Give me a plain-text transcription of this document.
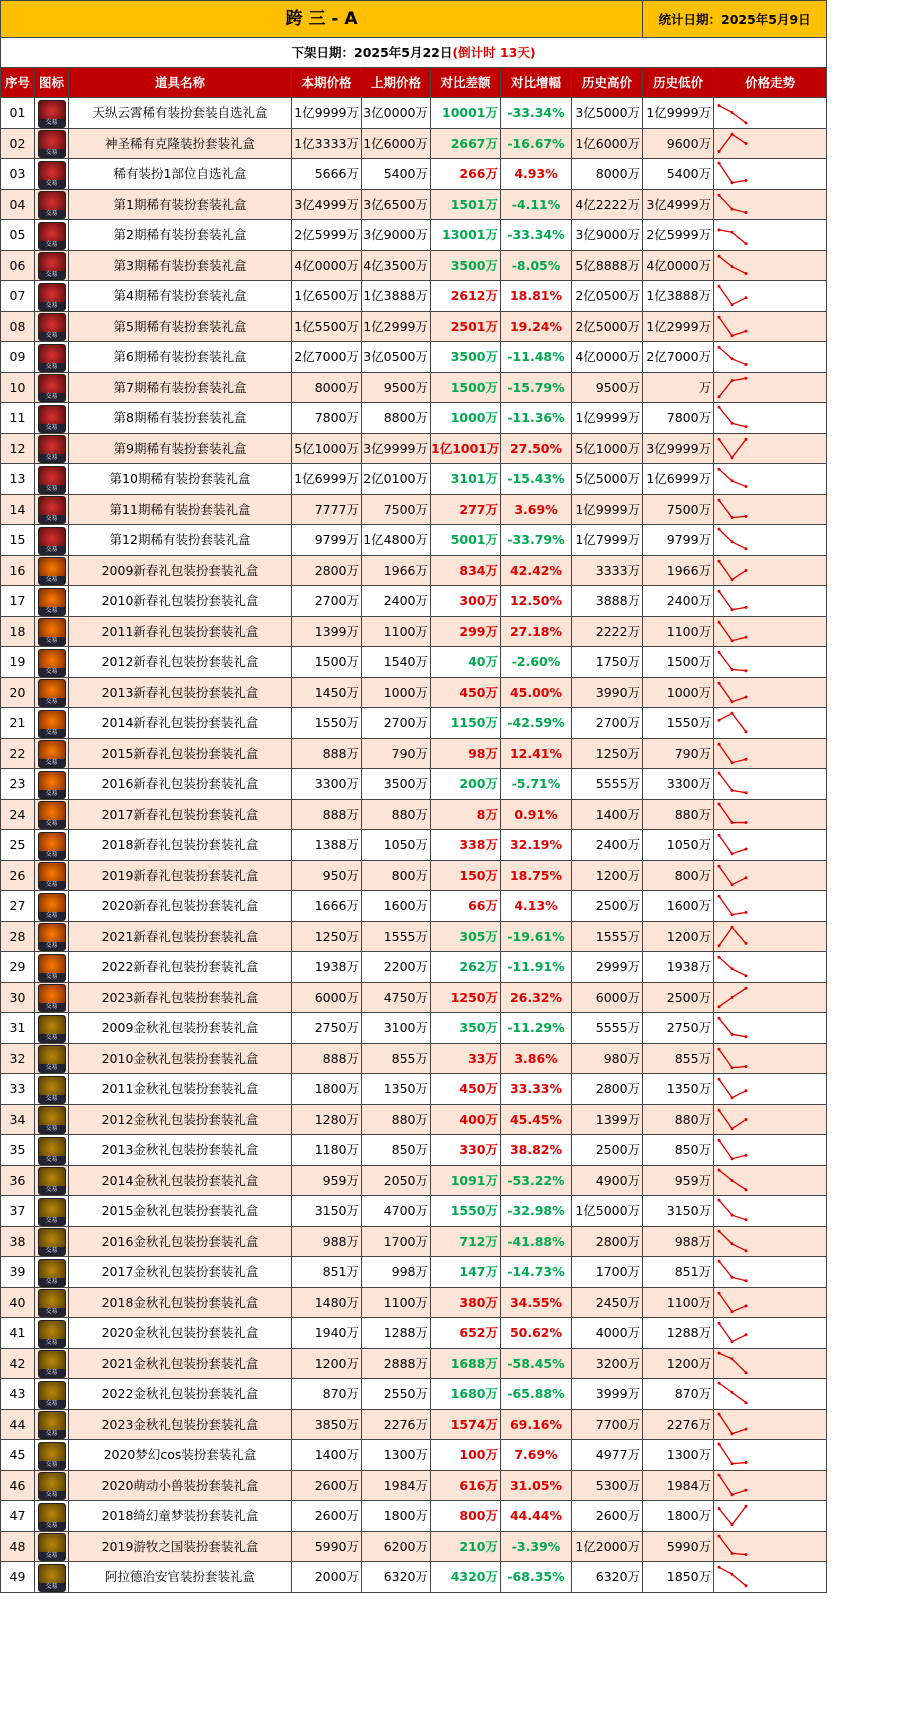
跨 三 - A								统计日期：2025年5月9日	
下架日期：2025年5月22日(倒计时 13天)									
序号	图标	道具名称	本期价格	上期价格	对比差额	对比增幅	历史高价	历史低价	价格走势
01	交易	天纵云霄稀有装扮套装自选礼盒	1亿9999万	3亿0000万	10001万	-33.34%	3亿5000万	1亿9999万	

02	交易	神圣稀有克隆装扮套装礼盒	1亿3333万	1亿6000万	2667万	-16.67%	1亿6000万	9600万	

03	交易	稀有装扮1部位自选礼盒	5666万	5400万	266万	4.93%	8000万	5400万	

04	交易	第1期稀有装扮套装礼盒	3亿4999万	3亿6500万	1501万	-4.11%	4亿2222万	3亿4999万	

05	交易	第2期稀有装扮套装礼盒	2亿5999万	3亿9000万	13001万	-33.34%	3亿9000万	2亿5999万	

06	交易	第3期稀有装扮套装礼盒	4亿0000万	4亿3500万	3500万	-8.05%	5亿8888万	4亿0000万	

07	交易	第4期稀有装扮套装礼盒	1亿6500万	1亿3888万	2612万	18.81%	2亿0500万	1亿3888万	

08	交易	第5期稀有装扮套装礼盒	1亿5500万	1亿2999万	2501万	19.24%	2亿5000万	1亿2999万	

09	交易	第6期稀有装扮套装礼盒	2亿7000万	3亿0500万	3500万	-11.48%	4亿0000万	2亿7000万	

10	交易	第7期稀有装扮套装礼盒	8000万	9500万	1500万	-15.79%	9500万	万	

11	交易	第8期稀有装扮套装礼盒	7800万	8800万	1000万	-11.36%	1亿9999万	7800万	

12	交易	第9期稀有装扮套装礼盒	5亿1000万	3亿9999万	1亿1001万	27.50%	5亿1000万	3亿9999万	

13	交易	第10期稀有装扮套装礼盒	1亿6999万	2亿0100万	3101万	-15.43%	5亿5000万	1亿6999万	

14	交易	第11期稀有装扮套装礼盒	7777万	7500万	277万	3.69%	1亿9999万	7500万	

15	交易	第12期稀有装扮套装礼盒	9799万	1亿4800万	5001万	-33.79%	1亿7999万	9799万	

16	交易	2009新春礼包装扮套装礼盒	2800万	1966万	834万	42.42%	3333万	1966万	

17	交易	2010新春礼包装扮套装礼盒	2700万	2400万	300万	12.50%	3888万	2400万	

18	交易	2011新春礼包装扮套装礼盒	1399万	1100万	299万	27.18%	2222万	1100万	

19	交易	2012新春礼包装扮套装礼盒	1500万	1540万	40万	-2.60%	1750万	1500万	

20	交易	2013新春礼包装扮套装礼盒	1450万	1000万	450万	45.00%	3990万	1000万	

21	交易	2014新春礼包装扮套装礼盒	1550万	2700万	1150万	-42.59%	2700万	1550万	

22	交易	2015新春礼包装扮套装礼盒	888万	790万	98万	12.41%	1250万	790万	

23	交易	2016新春礼包装扮套装礼盒	3300万	3500万	200万	-5.71%	5555万	3300万	

24	交易	2017新春礼包装扮套装礼盒	888万	880万	8万	0.91%	1400万	880万	

25	交易	2018新春礼包装扮套装礼盒	1388万	1050万	338万	32.19%	2400万	1050万	

26	交易	2019新春礼包装扮套装礼盒	950万	800万	150万	18.75%	1200万	800万	

27	交易	2020新春礼包装扮套装礼盒	1666万	1600万	66万	4.13%	2500万	1600万	

28	交易	2021新春礼包装扮套装礼盒	1250万	1555万	305万	-19.61%	1555万	1200万	

29	交易	2022新春礼包装扮套装礼盒	1938万	2200万	262万	-11.91%	2999万	1938万	

30	交易	2023新春礼包装扮套装礼盒	6000万	4750万	1250万	26.32%	6000万	2500万	

31	交易	2009金秋礼包装扮套装礼盒	2750万	3100万	350万	-11.29%	5555万	2750万	

32	交易	2010金秋礼包装扮套装礼盒	888万	855万	33万	3.86%	980万	855万	

33	交易	2011金秋礼包装扮套装礼盒	1800万	1350万	450万	33.33%	2800万	1350万	

34	交易	2012金秋礼包装扮套装礼盒	1280万	880万	400万	45.45%	1399万	880万	

35	交易	2013金秋礼包装扮套装礼盒	1180万	850万	330万	38.82%	2500万	850万	

36	交易	2014金秋礼包装扮套装礼盒	959万	2050万	1091万	-53.22%	4900万	959万	

37	交易	2015金秋礼包装扮套装礼盒	3150万	4700万	1550万	-32.98%	1亿5000万	3150万	

38	交易	2016金秋礼包装扮套装礼盒	988万	1700万	712万	-41.88%	2800万	988万	

39	交易	2017金秋礼包装扮套装礼盒	851万	998万	147万	-14.73%	1700万	851万	

40	交易	2018金秋礼包装扮套装礼盒	1480万	1100万	380万	34.55%	2450万	1100万	

41	交易	2020金秋礼包装扮套装礼盒	1940万	1288万	652万	50.62%	4000万	1288万	

42	交易	2021金秋礼包装扮套装礼盒	1200万	2888万	1688万	-58.45%	3200万	1200万	

43	交易	2022金秋礼包装扮套装礼盒	870万	2550万	1680万	-65.88%	3999万	870万	

44	交易	2023金秋礼包装扮套装礼盒	3850万	2276万	1574万	69.16%	7700万	2276万	

45	交易	2020梦幻cos装扮套装礼盒	1400万	1300万	100万	7.69%	4977万	1300万	

46	交易	2020萌动小兽装扮套装礼盒	2600万	1984万	616万	31.05%	5300万	1984万	

47	交易	2018绮幻童梦装扮套装礼盒	2600万	1800万	800万	44.44%	2600万	1800万	

48	交易	2019游牧之国装扮套装礼盒	5990万	6200万	210万	-3.39%	1亿2000万	5990万	

49	交易	阿拉德治安官装扮套装礼盒	2000万	6320万	4320万	-68.35%	6320万	1850万	
